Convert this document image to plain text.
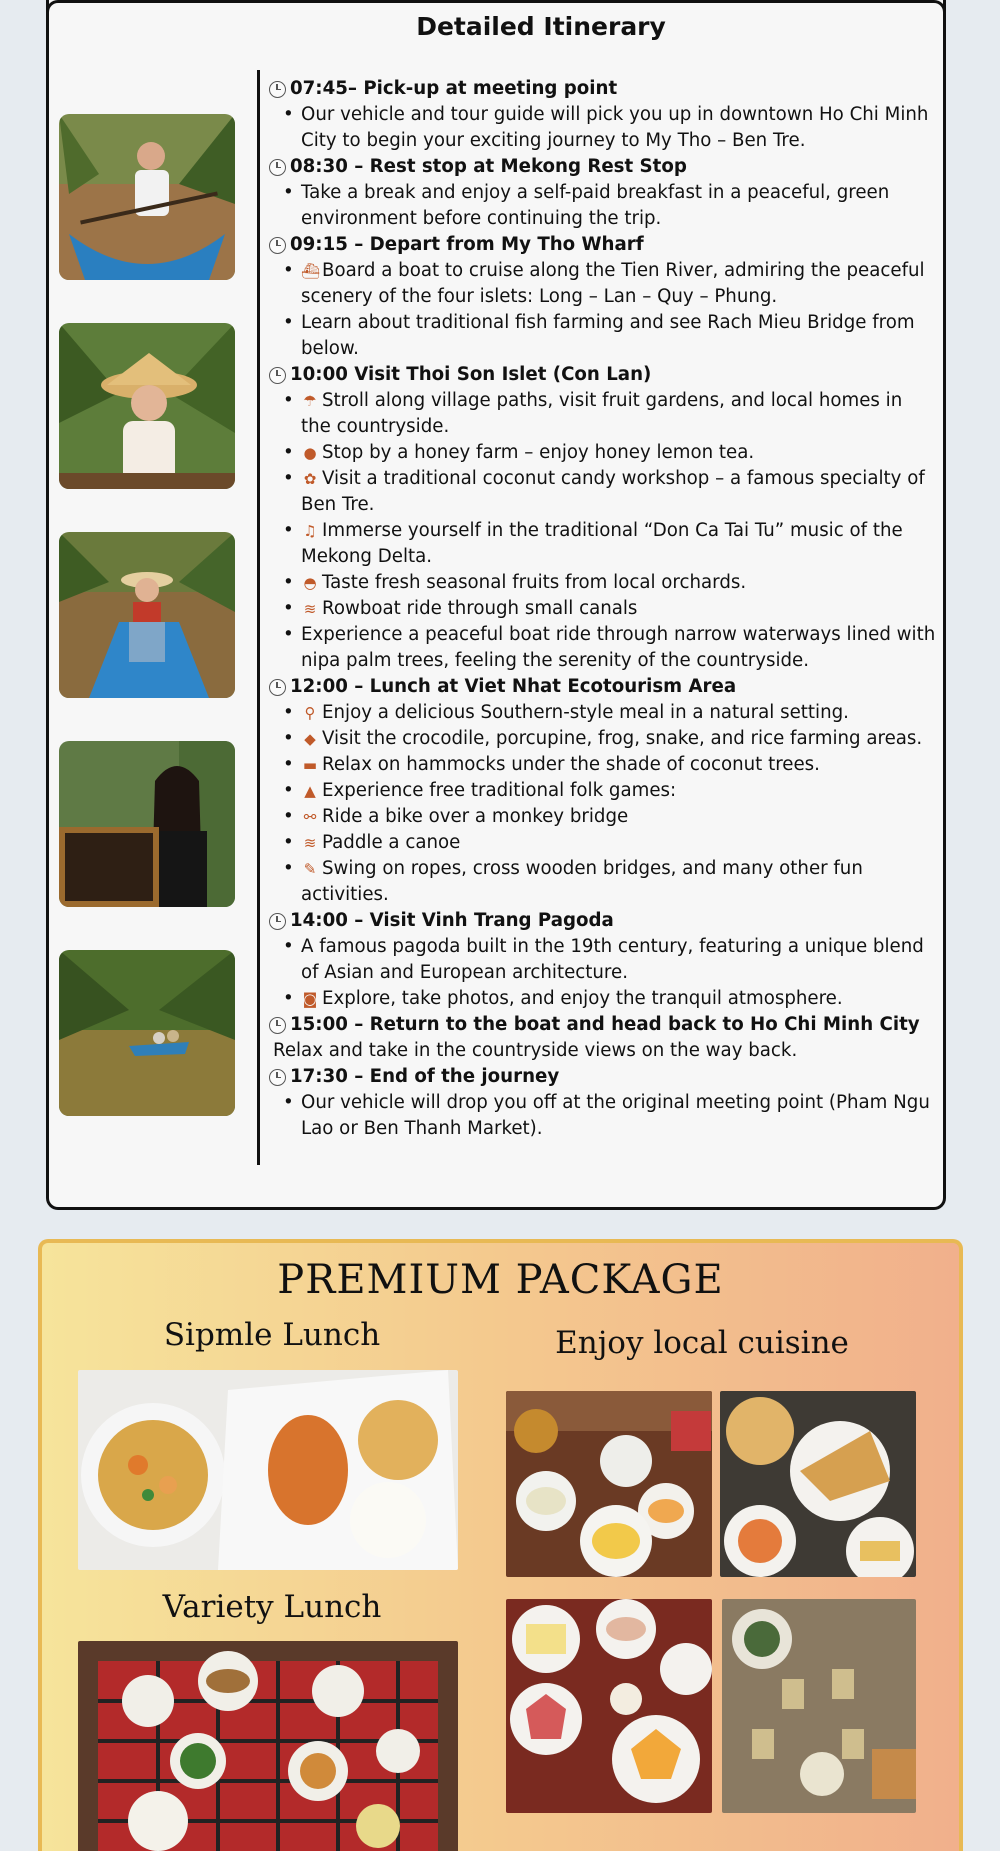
Detailed Itinerary
07:45– Pick-up at meeting point
• Our vehicle and tour guide will pick you up in downtown Ho Chi Minh City to begin your exciting journey to My Tho – Ben Tre.
08:30 – Rest stop at Mekong Rest Stop
• Take a break and enjoy a self-paid breakfast in a peaceful, green environment before continuing the trip.
09:15 – Depart from My Tho Wharf
• ⛴ Board a boat to cruise along the Tien River, admiring the peaceful scenery of the four islets: Long – Lan – Quy – Phung.
• Learn about traditional fish farming and see Rach Mieu Bridge from below.
10:00 Visit Thoi Son Islet (Con Lan)
• ☂ Stroll along village paths, visit fruit gardens, and local homes in the countryside.
• ● Stop by a honey farm – enjoy honey lemon tea.
• ✿ Visit a traditional coconut candy workshop – a famous specialty of Ben Tre.
• ♫ Immerse yourself in the traditional “Don Ca Tai Tu” music of the Mekong Delta.
• ◓ Taste fresh seasonal fruits from local orchards.
• ≋ Rowboat ride through small canals
• Experience a peaceful boat ride through narrow waterways lined with nipa palm trees, feeling the serenity of the countryside.
12:00 – Lunch at Viet Nhat Ecotourism Area
• ⚲ Enjoy a delicious Southern-style meal in a natural setting.
• ◆ Visit the crocodile, porcupine, frog, snake, and rice farming areas.
• ▬ Relax on hammocks under the shade of coconut trees.
• ▲ Experience free traditional folk games:
• ⚯ Ride a bike over a monkey bridge
• ≋ Paddle a canoe
• ✎ Swing on ropes, cross wooden bridges, and many other fun activities.
14:00 – Visit Vinh Trang Pagoda
• A famous pagoda built in the 19th century, featuring a unique blend of Asian and European architecture.
• ◙ Explore, take photos, and enjoy the tranquil atmosphere.
15:00 – Return to the boat and head back to Ho Chi Minh City
Relax and take in the countryside views on the way back.
17:30 – End of the journey
• Our vehicle will drop you off at the original meeting point (Pham Ngu Lao or Ben Thanh Market).
PREMIUM PACKAGE
Sipmle Lunch
Variety Lunch
Enjoy local cuisine
